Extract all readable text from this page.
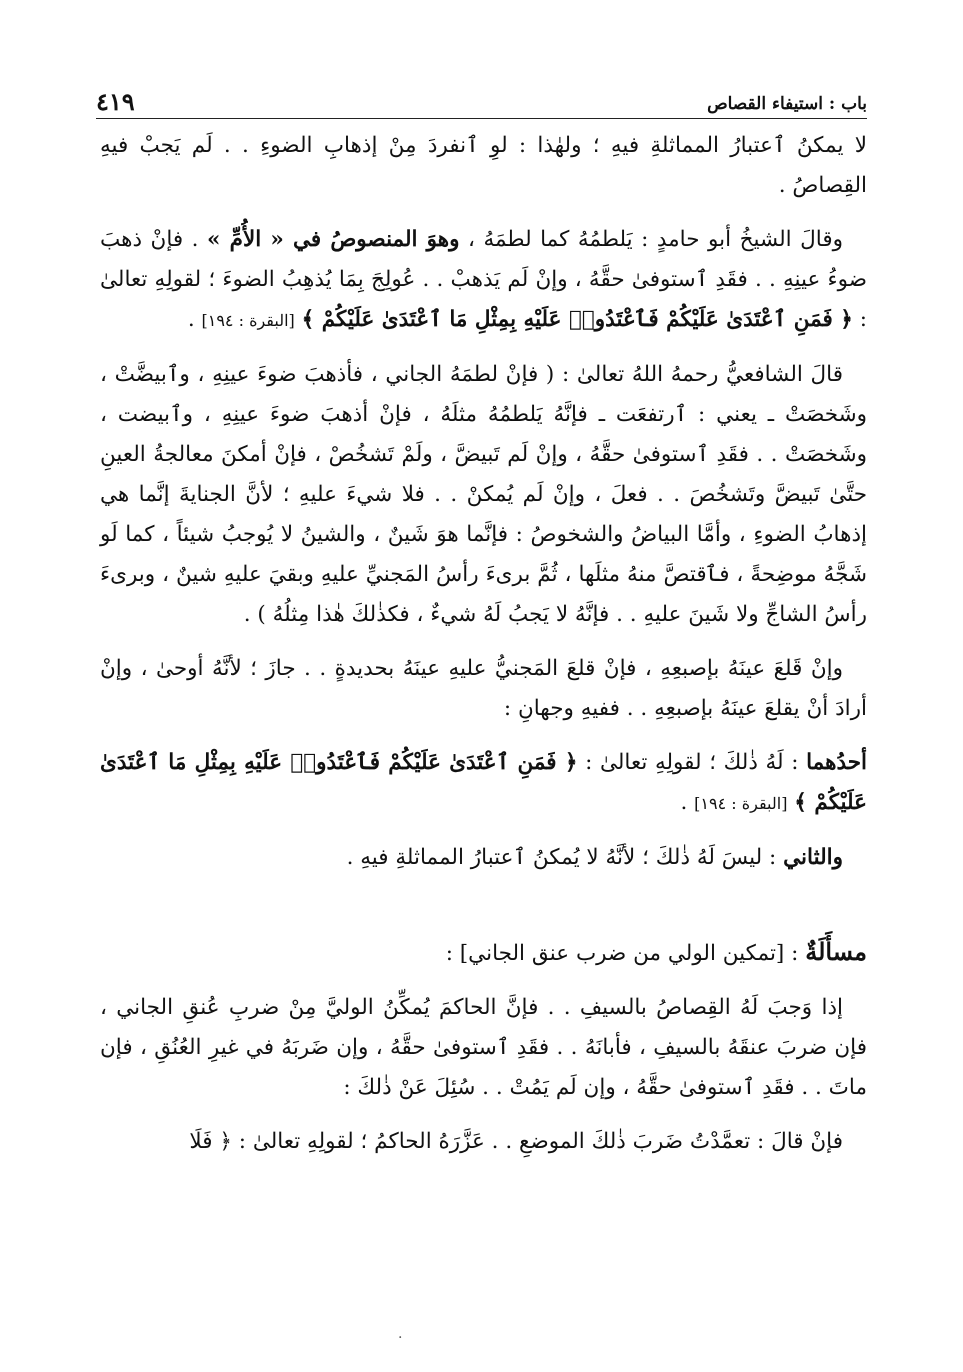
٤١٩	باب : استيفاء القصاص

لا يمكنُ ٱعتبارُ المماثلةِ فيهِ ؛ ولهٰذا : لوِ ٱنفردَ مِنْ إذهابِ الضوءِ . . لَم يَجبْ فيهِ القِصاصُ .

وقالَ الشيخُ أبو حامدٍ : يَلطمُهُ كما لطمَهُ ، وهوَ المنصوصُ في « الأُمِّ » . فإنْ ذهبَ ضوءُ عينِهِ . . فقَدِ ٱستوفىٰ حقَّهُ ، وإنْ لَم يَذهبْ . . عُولِجَ بِمَا يُذهِبُ الضوءَ ؛ لقولِهِ تعالىٰ : ﴿ فَمَنِ ٱعْتَدَىٰ عَلَيْكُمْ فَٱعْتَدُوا۟ عَلَيْهِ بِمِثْلِ مَا ٱعْتَدَىٰ عَلَيْكُمْ ﴾ [البقرة : ١٩٤] .

قالَ الشافعيُّ رحمهُ اللهُ تعالىٰ : ( فإنْ لطمَهُ الجاني ، فأذهبَ ضوءَ عينِهِ ، وٱبيضَّتْ ، وشَخصَتْ ـ يعني : ٱرتفعَت ـ فإنَّهُ يَلطمُهُ مثلَهُ ، فإنْ أذهبَ ضوءَ عينِهِ ، وٱبيضت ، وشَخصَتْ . . فقَدِ ٱستوفىٰ حقَّهُ ، وإنْ لَم تَبيضَّ ، ولَمْ تَشخُصْ ، فإنْ أمكنَ معالجةُ العينِ حتَّىٰ تَبيضَّ وتَشخُصَ . . فعلَ ، وإنْ لَم يُمكنْ . . فلا شيءَ عليهِ ؛ لأنَّ الجنايةَ إنَّما هي إذهابُ الضوءِ ، وأمَّا البياضُ والشخوصُ : فإنَّما هوَ شَينٌ ، والشينُ لا يُوجبُ شيئاً ، كما لَو شَجَّهُ موضِحةً ، فٱقتصَّ منهُ مثلَها ، ثُمَّ برىءَ رأسُ المَجنيِّ عليهِ وبقيَ عليهِ شينٌ ، وبرىءَ رأسُ الشاجِّ ولا شَينَ عليهِ . . فإنَّهُ لا يَجبُ لَهُ شيءٌ ، فكذٰلكَ هٰذا مِثلُهُ ) .

وإنْ قَلعَ عينَهُ بإصبعِهِ ، فإنْ قلعَ المَجنيُّ عليهِ عينَهُ بحديدةٍ . . جازَ ؛ لأنَّهُ أوحىٰ ، وإنْ أرادَ أنْ يقلعَ عينَهُ بإصبعِهِ . . ففيهِ وجهانِ :

أحدُهما : لَهُ ذٰلكَ ؛ لقولِهِ تعالىٰ : ﴿ فَمَنِ ٱعْتَدَىٰ عَلَيْكُمْ فَٱعْتَدُوا۟ عَلَيْهِ بِمِثْلِ مَا ٱعْتَدَىٰ عَلَيْكُمْ ﴾ [البقرة : ١٩٤] .

والثاني : ليسَ لَهُ ذٰلكَ ؛ لأنَّهُ لا يُمكنُ ٱعتبارُ المماثلةِ فيهِ .

مسأَلَةٌ : [تمكين الولي من ضرب عنق الجاني] :

إذا وَجبَ لَهُ القِصاصُ بالسيفِ . . فإنَّ الحاكمَ يُمكِّنُ الوليَّ مِنْ ضربِ عُنقِ الجاني ، فإن ضربَ عنقَهُ بالسيفِ ، فأبانَهُ . . فقَدِ ٱستوفىٰ حقَّهُ ، وإن ضَربَهُ في غيرِ العُنُقِ ، فإن ماتَ . . فقَدِ ٱستوفىٰ حقَّهُ ، وإن لَم يَمُتْ . . سُئِلَ عَنْ ذٰلكَ :

فإنْ قالَ : تعمَّدْتُ ضَربَ ذٰلكَ الموضعِ . . عَزَّرَهُ الحاكمُ ؛ لقولِهِ تعالىٰ : ﴿ فَلَا

.
